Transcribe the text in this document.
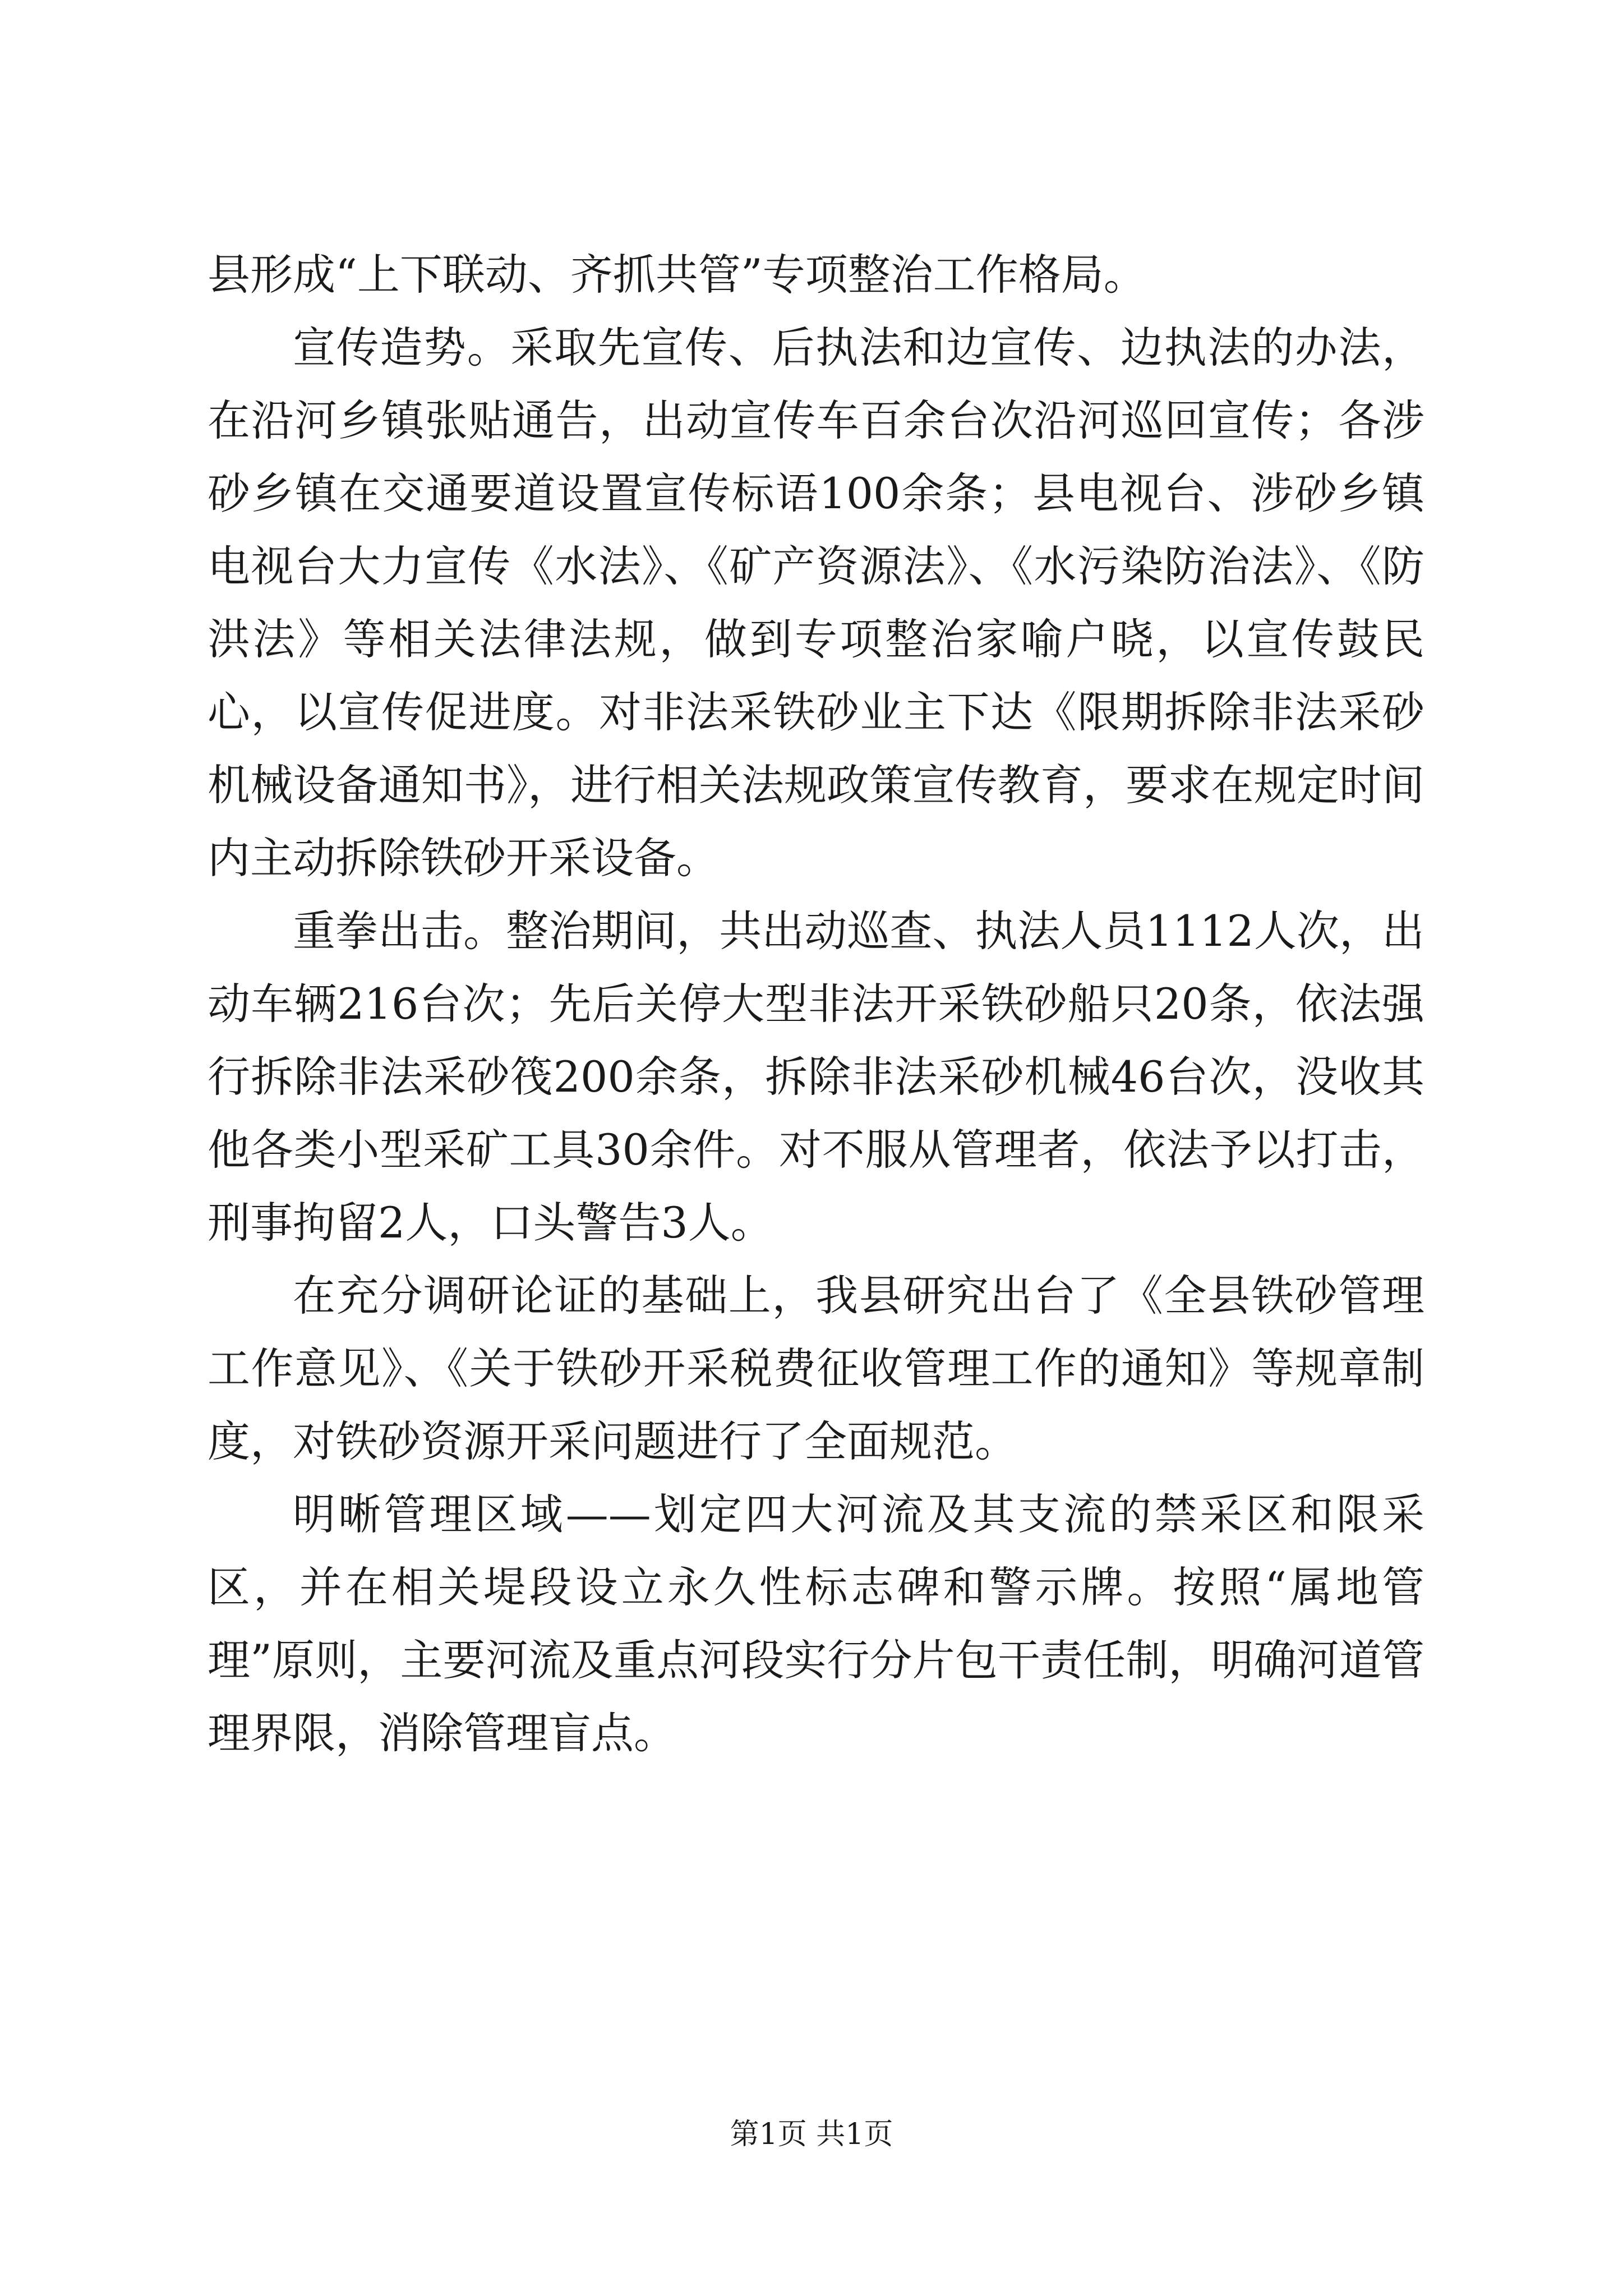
县形成“上下联动、齐抓共管”专项整治工作格局。

宣传造势。采取先宣传、后执法和边宣传、边执法的办法，在沿河乡镇张贴通告，出动宣传车百余台次沿河巡回宣传；各涉砂乡镇在交通要道设置宣传标语100余条；县电视台、涉砂乡镇电视台大力宣传《水法》、《矿产资源法》、《水污染防治法》、《防洪法》等相关法律法规，做到专项整治家喻户晓，以宣传鼓民心，以宣传促进度。对非法采铁砂业主下达《限期拆除非法采砂机械设备通知书》，进行相关法规政策宣传教育，要求在规定时间内主动拆除铁砂开采设备。

重拳出击。整治期间，共出动巡查、执法人员1112人次，出动车辆216台次；先后关停大型非法开采铁砂船只20条，依法强行拆除非法采砂筏200余条，拆除非法采砂机械46台次，没收其他各类小型采矿工具30余件。对不服从管理者，依法予以打击，刑事拘留2人，口头警告3人。

在充分调研论证的基础上，我县研究出台了《全县铁砂管理工作意见》、《关于铁砂开采税费征收管理工作的通知》等规章制度，对铁砂资源开采问题进行了全面规范。

明晰管理区域——划定四大河流及其支流的禁采区和限采区，并在相关堤段设立永久性标志碑和警示牌。按照“属地管理”原则，主要河流及重点河段实行分片包干责任制，明确河道管理界限，消除管理盲点。

第1页 共1页
